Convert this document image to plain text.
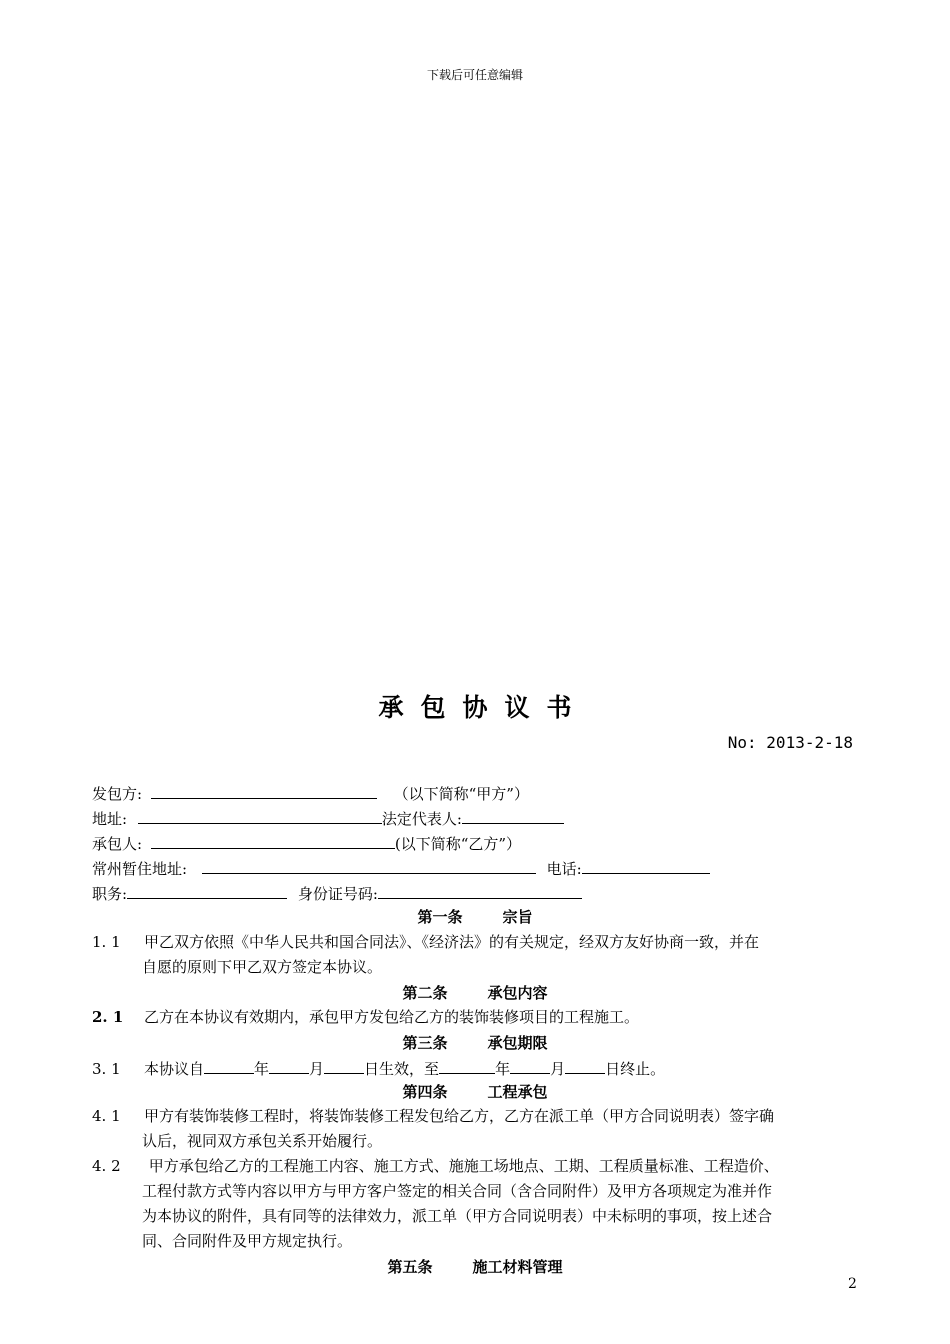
下载后可任意编辑
承包协议书
No: 2013-2-18
发包方:	（以下简称“甲方”）
地址:	法定代表人:
承包人:	(以下简称“乙方”）
常州暂住地址:	电话:
职务:	身份证号码:
第一条	宗旨
1. 1 甲乙双方依照《中华人民共和国合同法》、《经济法》的有关规定，经双方友好协商一致，并在
自愿的原则下甲乙双方签定本协议。
第二条	承包内容
2. 1 乙方在本协议有效期内，承包甲方发包给乙方的装饰装修项目的工程施工。
第三条	承包期限
3. 1 本协议自	年	月	日生效，至	年	月	日终止。
第四条	工程承包
4. 1 甲方有装饰装修工程时，将装饰装修工程发包给乙方，乙方在派工单（甲方合同说明表）签字确
认后，视同双方承包关系开始履行。
4. 2 甲方承包给乙方的工程施工内容、施工方式、施施工场地点、工期、工程质量标准、工程造价、
工程付款方式等内容以甲方与甲方客户签定的相关合同（含合同附件）及甲方各项规定为准并作
为本协议的附件，具有同等的法律效力，派工单（甲方合同说明表）中未标明的事项，按上述合
同、合同附件及甲方规定执行。
第五条	施工材料管理
2
